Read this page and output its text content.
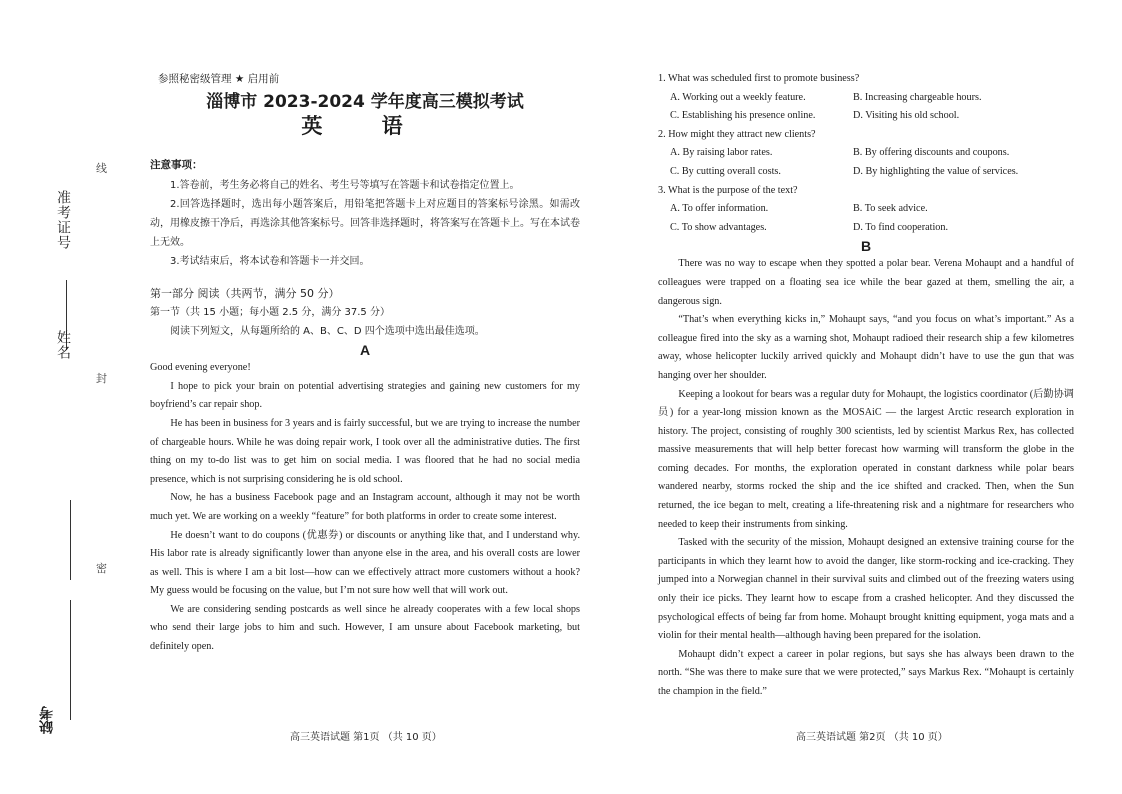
准考证号
姓名
线
封
密
缺考
参照秘密级管理 ★ 启用前
淄博市 2023-2024 学年度高三模拟考试
英 语
注意事项：

1.答卷前，考生务必将自己的姓名、考生号等填写在答题卡和试卷指定位置上。

2.回答选择题时，选出每小题答案后，用铅笔把答题卡上对应题目的答案标号涂黑。如需改动，用橡皮擦干净后，再选涂其他答案标号。回答非选择题时，将答案写在答题卡上。写在本试卷上无效。

3.考试结束后，将本试卷和答题卡一并交回。

第一部分 阅读（共两节，满分 50 分）
第一节（共 15 小题；每小题 2.5 分，满分 37.5 分）
阅读下列短文，从每题所给的 A、B、C、D 四个选项中选出最佳选项。
A

Good evening everyone!

I hope to pick your brain on potential advertising strategies and gaining new customers for my boyfriend’s car repair shop.

He has been in business for 3 years and is fairly successful, but we are trying to increase the number of chargeable hours. While he was doing repair work, I took over all the administrative duties. The first thing on my to-do list was to get him on social media. I was floored that he had no social media presence, which is not surprising considering he is old school.

Now, he has a business Facebook page and an Instagram account, although it may not be worth much yet. We are working on a weekly “feature” for both platforms in order to create some interest.

He doesn’t want to do coupons (优惠券) or discounts or anything like that, and I understand why. His labor rate is already significantly lower than anyone else in the area, and his overall costs are lower as well. This is where I am a bit lost—how can we effectively attract more customers without a hook? My guess would be focusing on the value, but I’m not sure how well that will work out.

We are considering sending postcards as well since he already cooperates with a few local shops who send their large jobs to him and such. However, I am unsure about Facebook marketing, but definitely open.

高三英语试题 第1页 （共 10 页）

1. What was scheduled first to promote business?

A. Working out a weekly feature.	B. Increasing chargeable hours.
C. Establishing his presence online.	D. Visiting his old school.

2. How might they attract new clients?

A. By raising labor rates.	B. By offering discounts and coupons.
C. By cutting overall costs.	D. By highlighting the value of services.

3. What is the purpose of the text?

A. To offer information.	B. To seek advice.
C. To show advantages.	D. To find cooperation.
B

There was no way to escape when they spotted a polar bear. Verena Mohaupt and a handful of colleagues were trapped on a floating sea ice while the bear gazed at them, smelling the air, a dangerous sign.

“That’s when everything kicks in,” Mohaupt says, “and you focus on what’s important.” As a colleague fired into the sky as a warning shot, Mohaupt radioed their research ship a few kilometres away, whose helicopter luckily arrived quickly and Mohaupt didn’t have to use the gun that was hanging over her shoulder.

Keeping a lookout for bears was a regular duty for Mohaupt, the logistics coordinator (后勤协调员) for a year-long mission known as the MOSAiC — the largest Arctic research exploration in history. The project, consisting of roughly 300 scientists, led by scientist Markus Rex, has collected massive measurements that will help better forecast how warming will transform the globe in the coming decades. For months, the exploration operated in constant darkness while polar bears wandered nearby, storms rocked the ship and the ice shifted and cracked. Then, when the Sun returned, the ice began to melt, creating a life-threatening risk and a nightmare for researchers who needed to keep their instruments from sinking.

Tasked with the security of the mission, Mohaupt designed an extensive training course for the participants in which they learnt how to avoid the danger, like storm-rocking and ice-cracking. They jumped into a Norwegian channel in their survival suits and climbed out of the freezing waters using only their ice picks. They learnt how to escape from a crashed helicopter. And they discussed the psychological effects of being far from home. Mohaupt brought knitting equipment, yoga mats and a violin for their mental health—although having been prepared for the isolation.

Mohaupt didn’t expect a career in polar regions, but says she has always been drawn to the north. “She was there to make sure that we were protected,” says Markus Rex. “Mohaupt is certainly the champion in the field.”

高三英语试题 第2页 （共 10 页）
